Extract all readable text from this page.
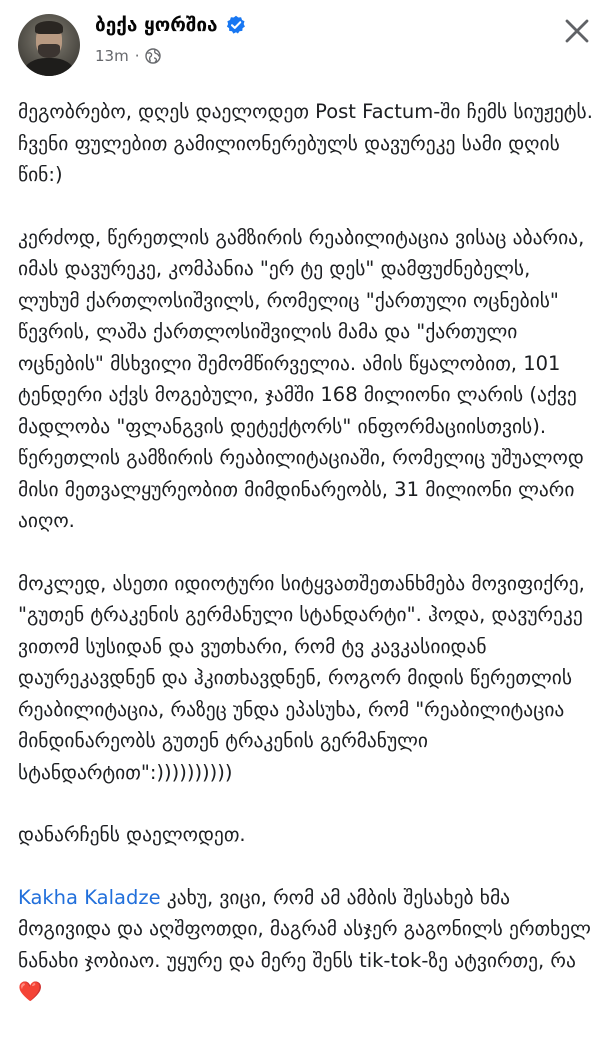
ბექა ყორშია
13m ·

მეგობრებო, დღეს დაელოდეთ Post Factum-ში ჩემს სიუჟეტს. ჩვენი ფულებით გამილიონერებულს დავურეკე სამი დღის წინ:)

კერძოდ, წერეთლის გამზირის რეაბილიტაცია ვისაც აბარია, იმას დავურეკე, კომპანია "ერ ტე დეს" დამფუძნებელს, ლუხუმ ქართლოსიშვილს, რომელიც "ქართული ოცნების" წევრის, ლაშა ქართლოსიშვილის მამა და "ქართული ოცნების" მსხვილი შემომწირველია. ამის წყალობით, 101 ტენდერი აქვს მოგებული, ჯამში 168 მილიონი ლარის (აქვე მადლობა "ფლანგვის დეტექტორს" ინფორმაციისთვის). წერეთლის გამზირის რეაბილიტაციაში, რომელიც უშუალოდ მისი მეთვალყურეობით მიმდინარეობს, 31 მილიონი ლარი აიღო.

მოკლედ, ასეთი იდიოტური სიტყვათშეთანხმება მოვიფიქრე, "გუთენ ტრაკენის გერმანული სტანდარტი". ჰოდა, დავურეკე ვითომ სუსიდან და ვუთხარი, რომ ტვ კავკასიიდან დაურეკავდნენ და ჰკითხავდნენ, როგორ მიდის წერეთლის რეაბილიტაცია, რაზეც უნდა ეპასუხა, რომ "რეაბილიტაცია მინდინარეობს გუთენ ტრაკენის გერმანული სტანდარტით":))))))))))

დანარჩენს დაელოდეთ.

Kakha Kaladze კახუ, ვიცი, რომ ამ ამბის შესახებ ხმა მოგივიდა და აღშფოთდი, მაგრამ ასჯერ გაგონილს ერთხელ ნანახი ჯობიაო. უყურე და მერე შენს tik-tok-ზე ატვირთე, რა ❤️
